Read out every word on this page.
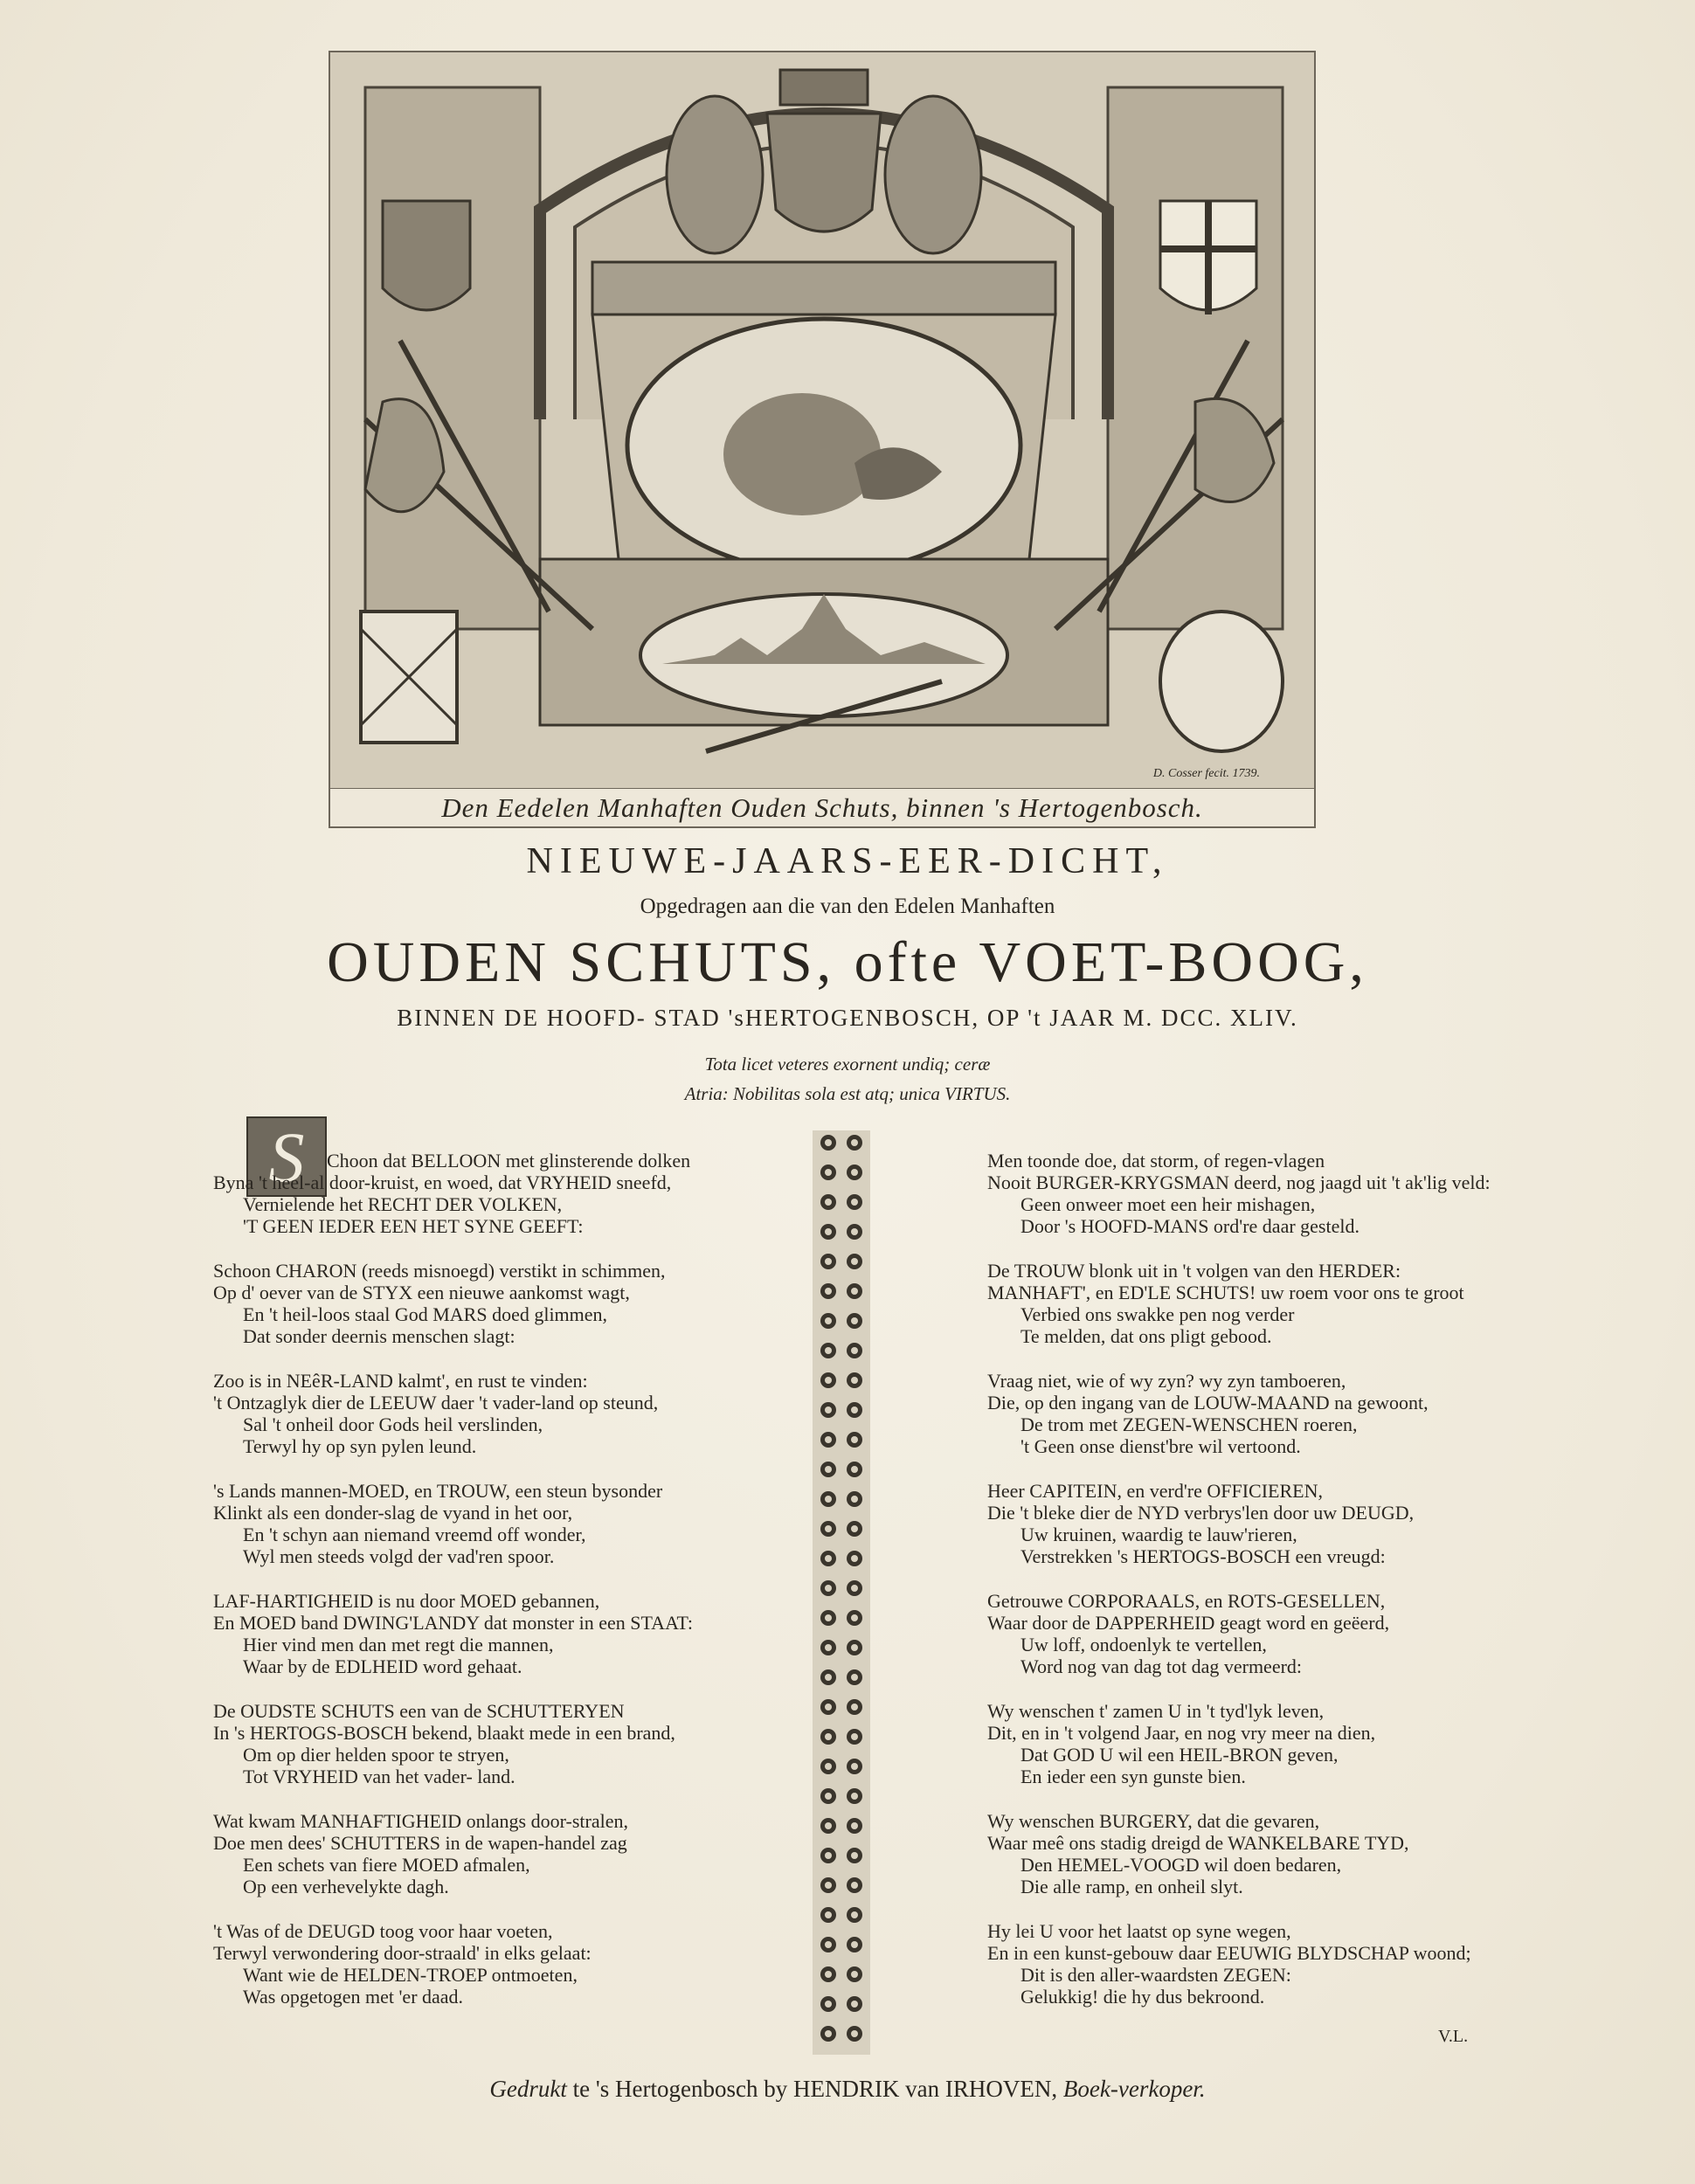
D. Cosser fecit. 1739.
Den Eedelen Manhaften Ouden Schuts, binnen 's Hertogenbosch.
NIEUWE-JAARS-EER-DICHT,
Opgedragen aan die van den Edelen Manhaften
OUDEN SCHUTS, ofte VOET-BOOG,
BINNEN DE HOOFD- STAD 'sHERTOGENBOSCH, OP 't JAAR M. DCC. XLIV.
Tota licet veteres exornent undiq; ceræ
Atria: Nobilitas sola est atq; unica VIRTUS.
S	Choon dat BELLOON met glinsterende dolken
Byna 't heel-al door-kruist, en woed, dat VRYHEID sneefd,
Vernielende het RECHT DER VOLKEN,
'T GEEN IEDER EEN HET SYNE GEEFT:
Schoon CHARON (reeds misnoegd) verstikt in schimmen,
Op d' oever van de STYX een nieuwe aankomst wagt,
En 't heil-loos staal God MARS doed glimmen,
Dat sonder deernis menschen slagt:
Zoo is in NEêR-LAND kalmt', en rust te vinden:
't Ontzaglyk dier de LEEUW daer 't vader-land op steund,
Sal 't onheil door Gods heil verslinden,
Terwyl hy op syn pylen leund.
's Lands mannen-MOED, en TROUW, een steun bysonder
Klinkt als een donder-slag de vyand in het oor,
En 't schyn aan niemand vreemd off wonder,
Wyl men steeds volgd der vad'ren spoor.
LAF-HARTIGHEID is nu door MOED gebannen,
En MOED band DWING'LANDY dat monster in een STAAT:
Hier vind men dan met regt die mannen,
Waar by de EDLHEID word gehaat.
De OUDSTE SCHUTS een van de SCHUTTERYEN
In 's HERTOGS-BOSCH bekend, blaakt mede in een brand,
Om op dier helden spoor te stryen,
Tot VRYHEID van het vader- land.
Wat kwam MANHAFTIGHEID onlangs door-stralen,
Doe men dees' SCHUTTERS in de wapen-handel zag
Een schets van fiere MOED afmalen,
Op een verhevelykte dagh.
't Was of de DEUGD toog voor haar voeten,
Terwyl verwondering door-straald' in elks gelaat:
Want wie de HELDEN-TROEP ontmoeten,
Was opgetogen met 'er daad.
Men toonde doe, dat storm, of regen-vlagen
Nooit BURGER-KRYGSMAN deerd, nog jaagd uit 't ak'lig veld:
Geen onweer moet een heir mishagen,
Door 's HOOFD-MANS ord're daar gesteld.
De TROUW blonk uit in 't volgen van den HERDER:
MANHAFT', en ED'LE SCHUTS! uw roem voor ons te groot
Verbied ons swakke pen nog verder
Te melden, dat ons pligt gebood.
Vraag niet, wie of wy zyn? wy zyn tamboeren,
Die, op den ingang van de LOUW-MAAND na gewoont,
De trom met ZEGEN-WENSCHEN roeren,
't Geen onse dienst'bre wil vertoond.
Heer CAPITEIN, en verd're OFFICIEREN,
Die 't bleke dier de NYD verbrys'len door uw DEUGD,
Uw kruinen, waardig te lauw'rieren,
Verstrekken 's HERTOGS-BOSCH een vreugd:
Getrouwe CORPORAALS, en ROTS-GESELLEN,
Waar door de DAPPERHEID geagt word en geëerd,
Uw loff, ondoenlyk te vertellen,
Word nog van dag tot dag vermeerd:
Wy wenschen t' zamen U in 't tyd'lyk leven,
Dit, en in 't volgend Jaar, en nog vry meer na dien,
Dat GOD U wil een HEIL-BRON geven,
En ieder een syn gunste bien.
Wy wenschen BURGERY, dat die gevaren,
Waar meê ons stadig dreigd de WANKELBARE TYD,
Den HEMEL-VOOGD wil doen bedaren,
Die alle ramp, en onheil slyt.
Hy lei U voor het laatst op syne wegen,
En in een kunst-gebouw daar EEUWIG BLYDSCHAP woond;
Dit is den aller-waardsten ZEGEN:
Gelukkig! die hy dus bekroond.
V.L.
Gedrukt te 's Hertogenbosch by HENDRIK van IRHOVEN, Boek-verkoper.
